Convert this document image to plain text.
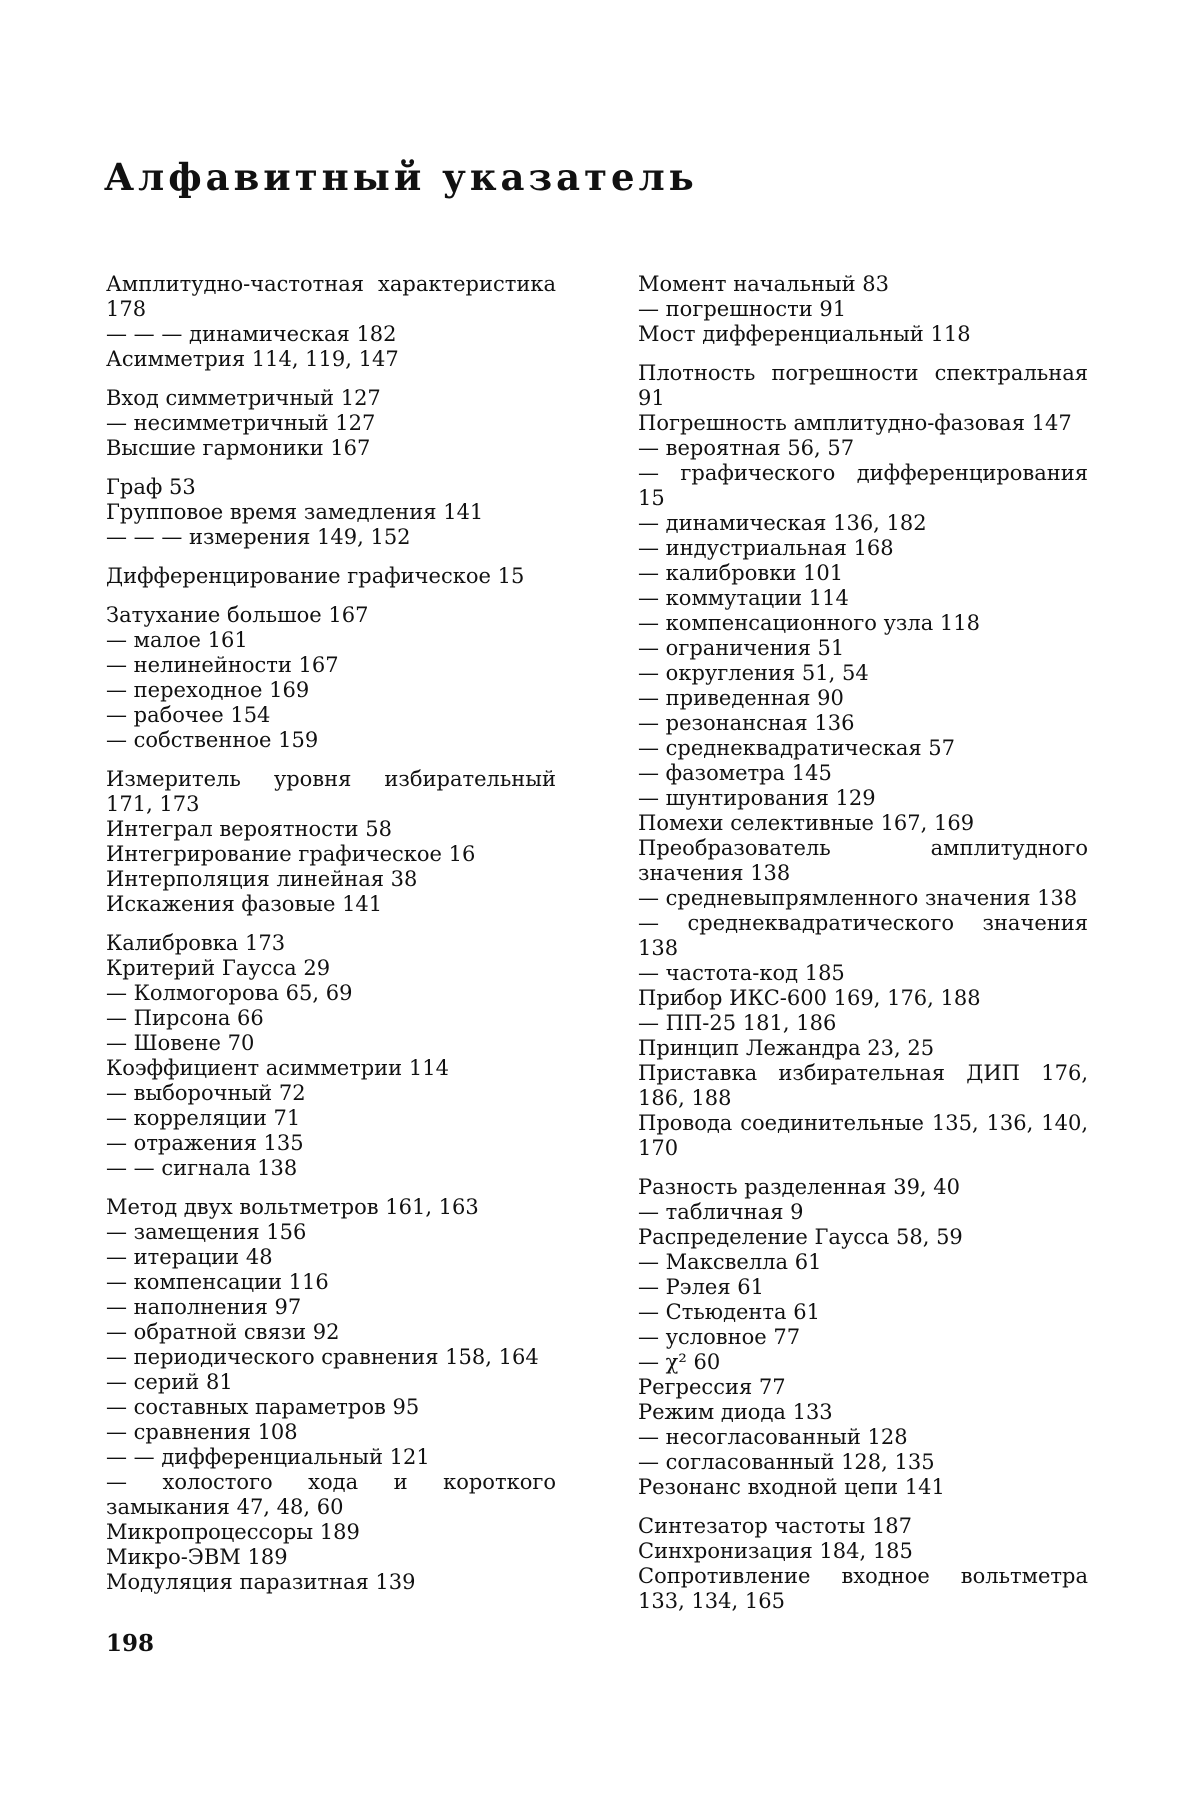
Алфавитный указатель
Амплитудно-частотная характеристика 178
— — — динамическая 182
Асимметрия 114, 119, 147
Вход симметричный 127
— несимметричный 127
Высшие гармоники 167
Граф 53
Групповое время замедления 141
— — — измерения 149, 152
Дифференцирование графическое 15
Затухание большое 167
— малое 161
— нелинейности 167
— переходное 169
— рабочее 154
— собственное 159
Измеритель уровня избирательный 171, 173
Интеграл вероятности 58
Интегрирование графическое 16
Интерполяция линейная 38
Искажения фазовые 141
Калибровка 173
Критерий Гаусса 29
— Колмогорова 65, 69
— Пирсона 66
— Шовене 70
Коэффициент асимметрии 114
— выборочный 72
— корреляции 71
— отражения 135
— — сигнала 138
Метод двух вольтметров 161, 163
— замещения 156
— итерации 48
— компенсации 116
— наполнения 97
— обратной связи 92
— периодического сравнения 158, 164
— серий 81
— составных параметров 95
— сравнения 108
— — дифференциальный 121
— холостого хода и короткого замыкания 47, 48, 60
Микропроцессоры 189
Микро-ЭВМ 189
Модуляция паразитная 139
Момент начальный 83
— погрешности 91
Мост дифференциальный 118
Плотность погрешности спектральная 91
Погрешность амплитудно-фазовая 147
— вероятная 56, 57
— графического дифференцирования 15
— динамическая 136, 182
— индустриальная 168
— калибровки 101
— коммутации 114
— компенсационного узла 118
— ограничения 51
— округления 51, 54
— приведенная 90
— резонансная 136
— среднеквадратическая 57
— фазометра 145
— шунтирования 129
Помехи селективные 167, 169
Преобразователь амплитудного значения 138
— средневыпрямленного значения 138
— среднеквадратического значения 138
— частота-код 185
Прибор ИКС-600 169, 176, 188
— ПП-25 181, 186
Принцип Лежандра 23, 25
Приставка избирательная ДИП 176, 186, 188
Провода соединительные 135, 136, 140, 170
Разность разделенная 39, 40
— табличная 9
Распределение Гаусса 58, 59
— Максвелла 61
— Рэлея 61
— Стьюдента 61
— условное 77
— χ² 60
Регрессия 77
Режим диода 133
— несогласованный 128
— согласованный 128, 135
Резонанс входной цепи 141
Синтезатор частоты 187
Синхронизация 184, 185
Сопротивление входное вольтметра 133, 134, 165
198
